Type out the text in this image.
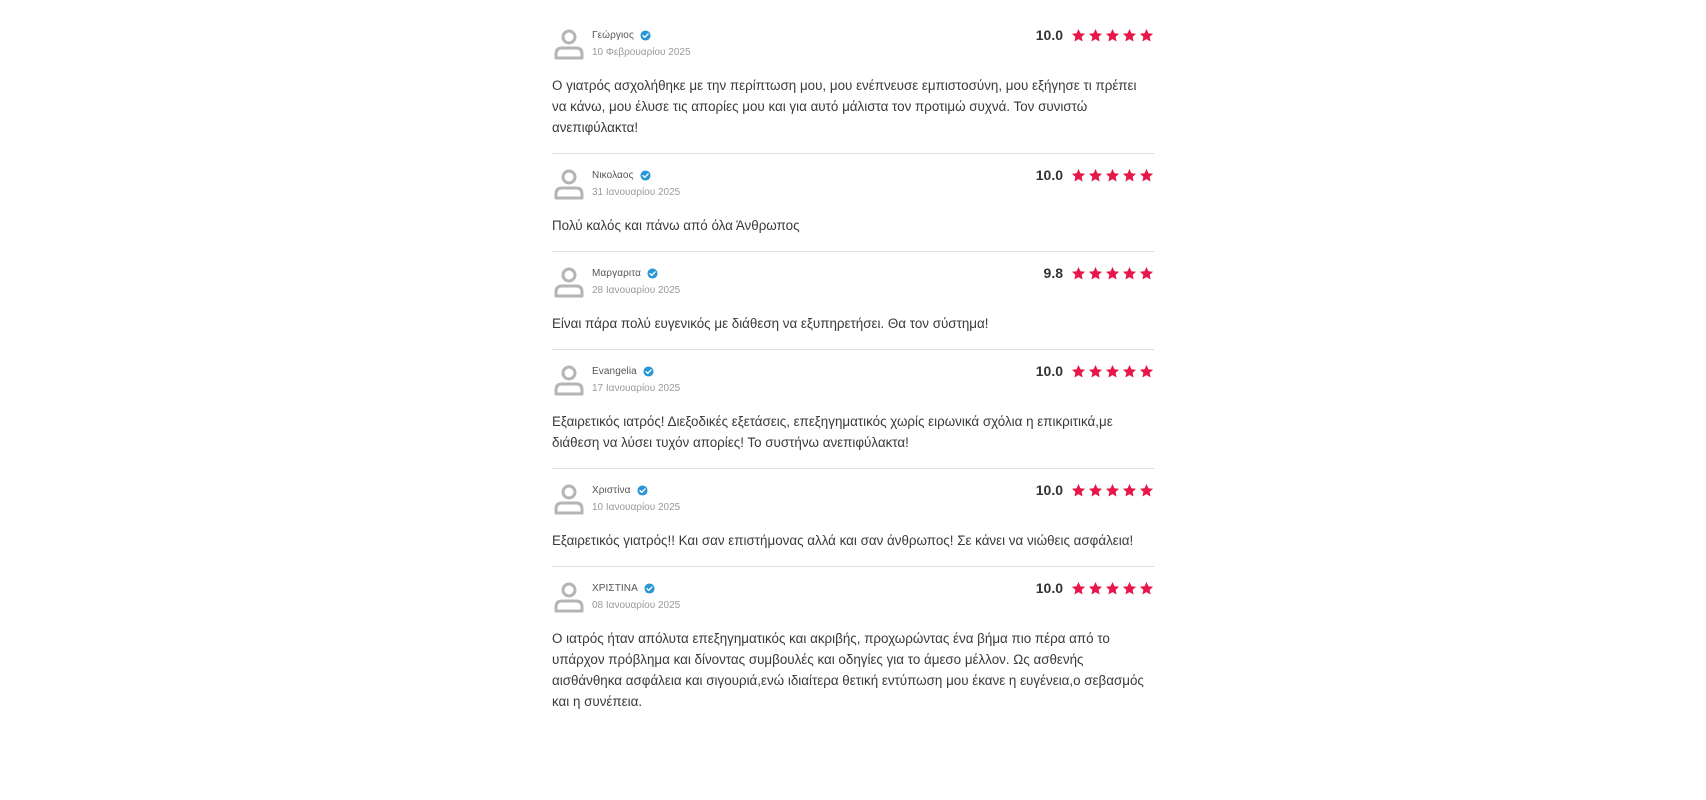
Γεώργιος
10 Φεβρουαρίου 2025
10.0
Ο γιατρός ασχολήθηκε με την περίπτωση μου, μου ενέπνευσε εμπιστοσύνη, μου εξήγησε τι πρέπει να κάνω, μου έλυσε τις απορίες μου και για αυτό μάλιστα τον προτιμώ συχνά. Τον συνιστώ ανεπιφύλακτα!
Νικολαος
31 Ιανουαρίου 2025
10.0
Πολύ καλός και πάνω από όλα Άνθρωπος
Μαργαριτα
28 Ιανουαρίου 2025
9.8
Είναι πάρα πολύ ευγενικός με διάθεση να εξυπηρετήσει. Θα τον σύστημα!
Evangelia
17 Ιανουαρίου 2025
10.0
Εξαιρετικός ιατρός! Διεξοδικές εξετάσεις, επεξηγηματικός χωρίς ειρωνικά σχόλια η επικριτικά,με διάθεση να λύσει τυχόν απορίες! Το συστήνω ανεπιφύλακτα!
Χριστίνα
10 Ιανουαρίου 2025
10.0
Εξαιρετικός γιατρός!! Και σαν επιστήμονας αλλά και σαν άνθρωπος! Σε κάνει να νιώθεις ασφάλεια!
ΧΡΙΣΤΙΝΑ
08 Ιανουαρίου 2025
10.0
Ο ιατρός ήταν απόλυτα επεξηγηματικός και ακριβής, προχωρώντας ένα βήμα πιο πέρα από το υπάρχον πρόβλημα και δίνοντας συμβουλές και οδηγίες για το άμεσο μέλλον. Ως ασθενής αισθάνθηκα ασφάλεια και σιγουριά,ενώ ιδιαίτερα θετική εντύπωση μου έκανε η ευγένεια,ο σεβασμός και η συνέπεια.
